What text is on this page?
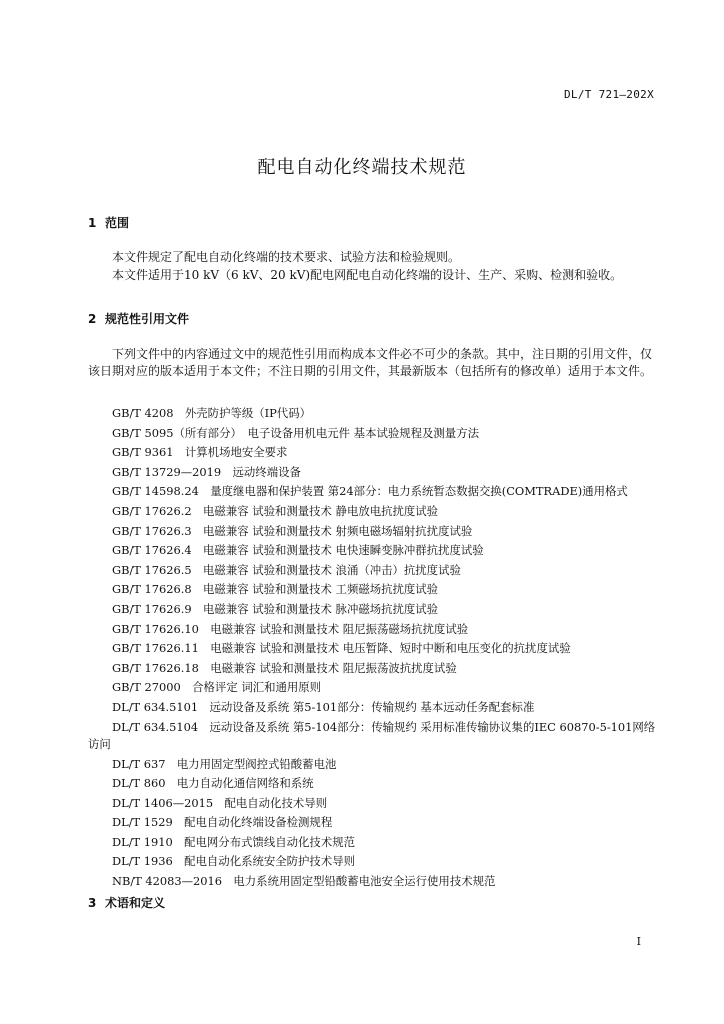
DL/T 721—202X
配电自动化终端技术规范
1 范围

本文件规定了配电自动化终端的技术要求、试验方法和检验规则。

本文件适用于10 kV（6 kV、20 kV)配电网配电自动化终端的设计、生产、采购、检测和验收。

2 规范性引用文件

下列文件中的内容通过文中的规范性引用而构成本文件必不可少的条款。其中，注日期的引用文件，仅该日期对应的版本适用于本文件；不注日期的引用文件，其最新版本（包括所有的修改单）适用于本文件。

GB/T 4208　外壳防护等级（IP代码）
GB/T 5095（所有部分）　电子设备用机电元件 基本试验规程及测量方法
GB/T 9361　计算机场地安全要求
GB/T 13729—2019　远动终端设备
GB/T 14598.24　量度继电器和保护装置 第24部分：电力系统暂态数据交换(COMTRADE)通用格式
GB/T 17626.2　电磁兼容 试验和测量技术 静电放电抗扰度试验
GB/T 17626.3　电磁兼容 试验和测量技术 射频电磁场辐射抗扰度试验
GB/T 17626.4　电磁兼容 试验和测量技术 电快速瞬变脉冲群抗扰度试验
GB/T 17626.5　电磁兼容 试验和测量技术 浪涌（冲击）抗扰度试验
GB/T 17626.8　电磁兼容 试验和测量技术 工频磁场抗扰度试验
GB/T 17626.9　电磁兼容 试验和测量技术 脉冲磁场抗扰度试验
GB/T 17626.10　电磁兼容 试验和测量技术 阻尼振荡磁场抗扰度试验
GB/T 17626.11　电磁兼容 试验和测量技术 电压暂降、短时中断和电压变化的抗扰度试验
GB/T 17626.18　电磁兼容 试验和测量技术 阻尼振荡波抗扰度试验
GB/T 27000　合格评定 词汇和通用原则
DL/T 634.5101　远动设备及系统 第5-101部分：传输规约 基本远动任务配套标准
DL/T 634.5104　远动设备及系统 第5-104部分：传输规约 采用标准传输协议集的IEC 60870-5-101网络访问
DL/T 637　电力用固定型阀控式铅酸蓄电池
DL/T 860　电力自动化通信网络和系统
DL/T 1406—2015　配电自动化技术导则
DL/T 1529　配电自动化终端设备检测规程
DL/T 1910　配电网分布式馈线自动化技术规范
DL/T 1936　配电自动化系统安全防护技术导则
NB/T 42083—2016　电力系统用固定型铅酸蓄电池安全运行使用技术规范
3 术语和定义
I
